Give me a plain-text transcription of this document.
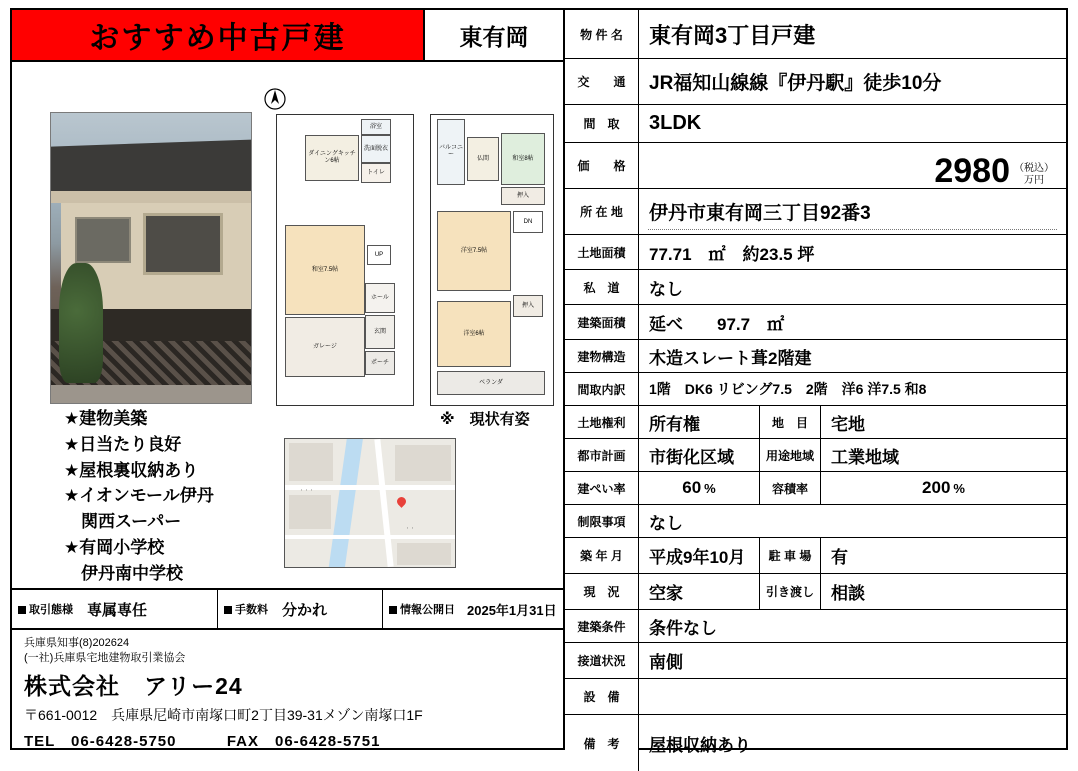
おすすめ中古戸建	東有岡
ダイニングキッチン6帖
洗面脱衣
浴室
トイレ
和室7.5帖
ガレージ
ホール
玄関
ポーチ
UP
バルコニー
仏間	和室8帖
押入
洋室7.5帖
DN
洋室6帖
押入
ベランダ
※　現状有姿
★建物美築
★日当たり良好
★屋根裏収納あり
★イオンモール伊丹
　関西スーパー
★有岡小学校
　伊丹南中学校
・・・
・・
取引態様 専属専任	手数料 分かれ	情報公開日 2025年1月31日
兵庫県知事(8)202624
(一社)兵庫県宅地建物取引業協会
株式会社　アリー24
〒661-0012　兵庫県尼崎市南塚口町2丁目39-31メゾン南塚口1F
TEL　06-6428-5750	FAX　06-6428-5751
物 件 名	東有岡3丁目戸建
交　　通	JR福知山線線『伊丹駅』徒歩10分
間　取	3LDK
価　　格	2980 （税込）
万円
所 在 地	伊丹市東有岡三丁目92番3
土地面積	77.71　㎡　約23.5 坪
私　道	なし
建築面積	延べ　　97.7　㎡
建物構造	木造スレート葺2階建
間取内訳	1階　DK6 リビング7.5　2階　洋6 洋7.5 和8
土地権利	所有権	地　目	宅地
都市計画	市街化区域	用途地域	工業地域
建ぺい率	60 %	容積率	200 %
制限事項	なし
築 年 月	平成9年10月	駐 車 場	有
現　況	空家	引き渡し	相談
建築条件	条件なし
接道状況	南側
設　備
備　考	屋根収納あり
